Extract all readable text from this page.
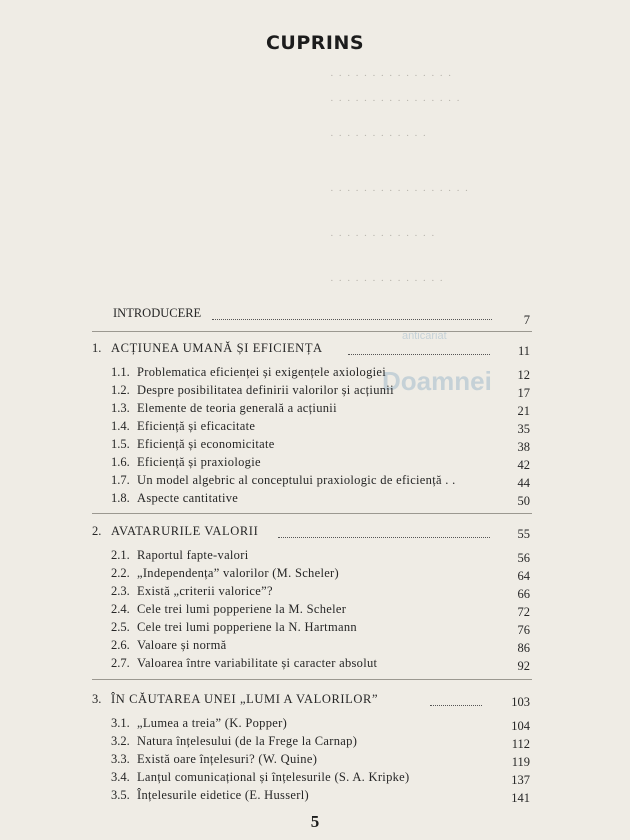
· · · · · · · · · · · · · · ·
· · · · · · · · · · · · · · · ·
· · · · · · · · · · · ·
· · · · · · · · · · · · · · · · ·
· · · · · · · · · · · · ·
· · · · · · · · · · · · · ·
CUPRINS
anticariat
Doamnei
INTRODUCERE	7
1. ACȚIUNEA UMANĂ ȘI EFICIENȚA	11
1.1. Problematica eficienței și exigențele axiologiei	12
1.2. Despre posibilitatea definirii valorilor și acțiunii	17
1.3. Elemente de teoria generală a acțiunii	21
1.4. Eficiență și eficacitate	35
1.5. Eficiență și economicitate	38
1.6. Eficiență și praxiologie	42
1.7. Un model algebric al conceptului praxiologic de eficiență . .	44
1.8. Aspecte cantitative	50
2. AVATARURILE VALORII	55
2.1. Raportul fapte-valori	56
2.2. „Independența” valorilor (M. Scheler)	64
2.3. Există „criterii valorice”?	66
2.4. Cele trei lumi popperiene la M. Scheler	72
2.5. Cele trei lumi popperiene la N. Hartmann	76
2.6. Valoare și normă	86
2.7. Valoarea între variabilitate și caracter absolut	92
3. ÎN CĂUTAREA UNEI „LUMI A VALORILOR”	103
3.1. „Lumea a treia” (K. Popper)	104
3.2. Natura înțelesului (de la Frege la Carnap)	112
3.3. Există oare înțelesuri? (W. Quine)	119
3.4. Lanțul comunicațional și înțelesurile (S. A. Kripke)	137
3.5. Înțelesurile eidetice (E. Husserl)	141
5
